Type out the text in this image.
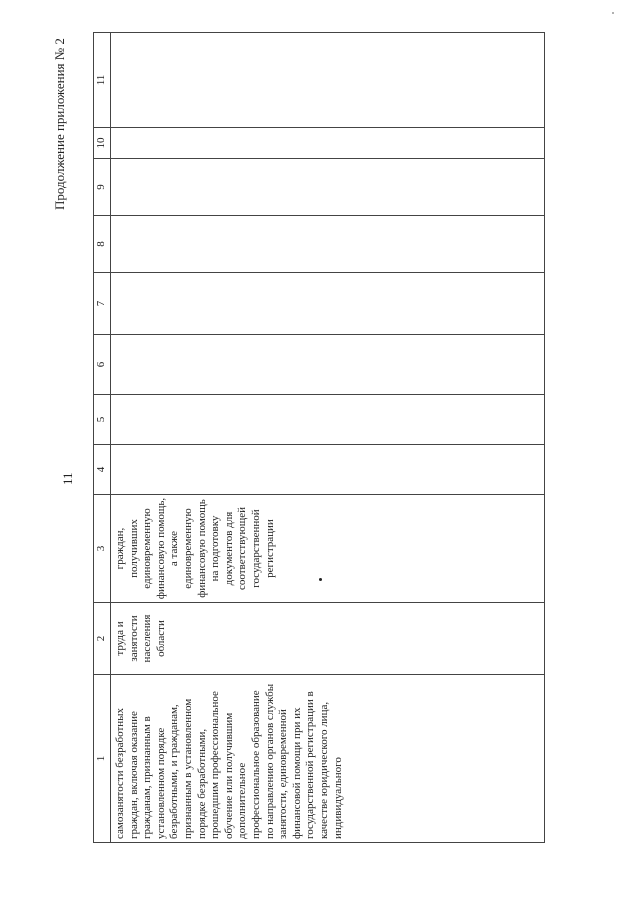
11
Продолжение приложения № 2
1	2	3	4	5	6	7	8	9	10	11
самозанятости безработных граждан, включая оказание гражданам, признанным в установленном порядке безработными, и гражданам, признанным в установленном порядке безработными, прошедшим профессиональное обучение или получившим дополнительное профессиональное образование по направлению органов службы занятости, единовременной финансовой помощи при их государственной регистрации в качестве юридического лица, индивидуального	труда и занятости населения области	граждан, получивших единовременную финансовую помощь, а также единовременную финансовую помощь на подготовку документов для соответствующей государственной регистрации								
